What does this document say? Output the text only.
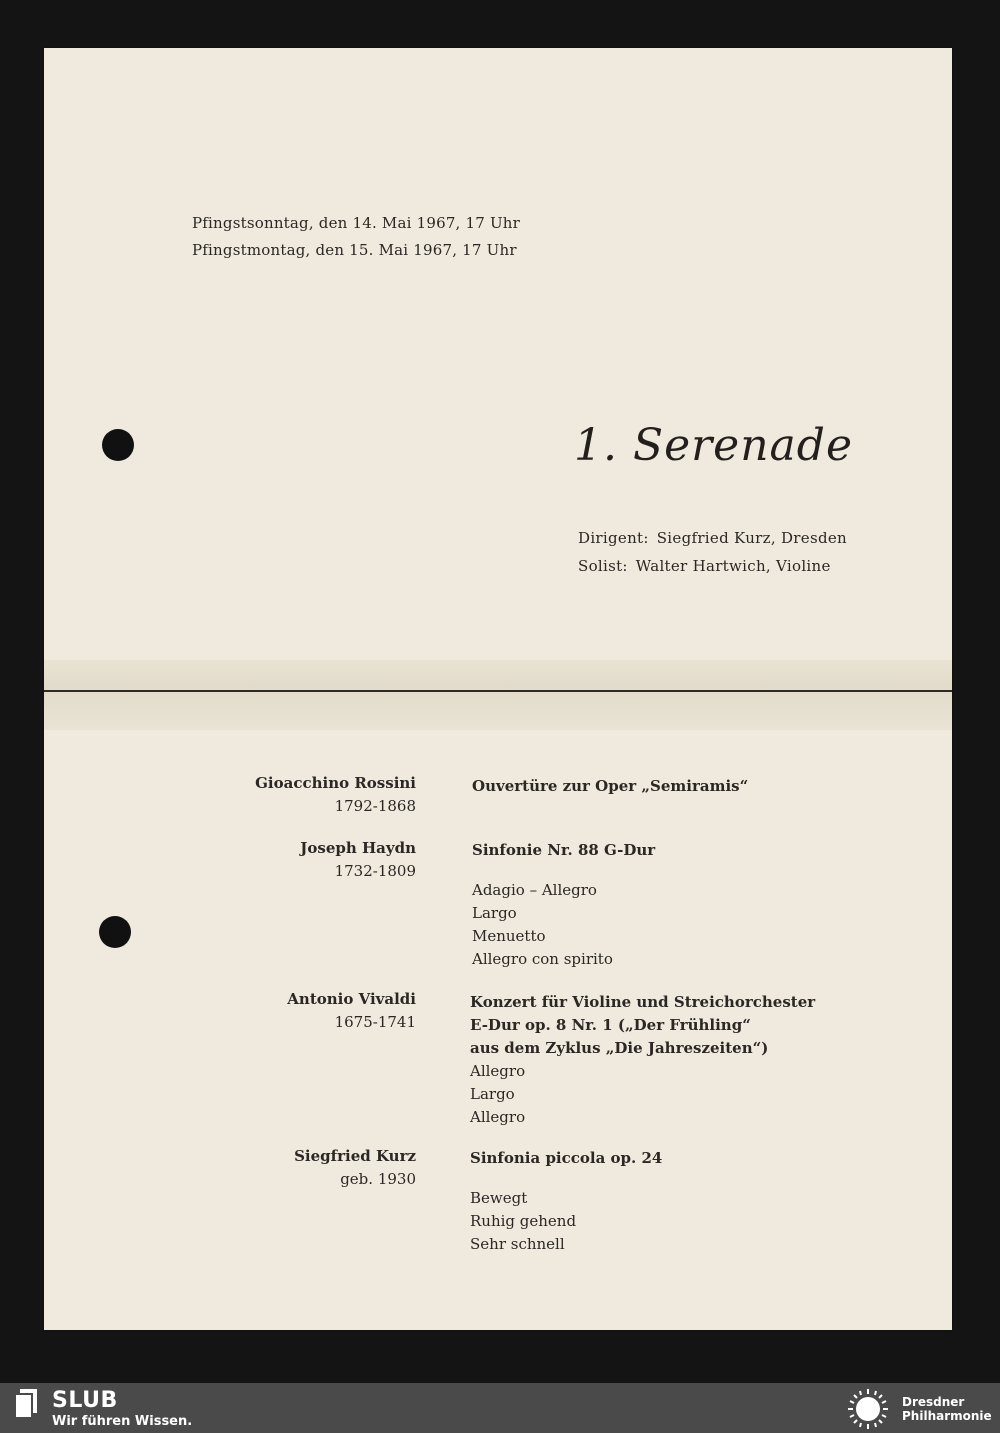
Pfingstsonntag, den 14. Mai 1967, 17 Uhr
Pfingstmontag, den 15. Mai 1967, 17 Uhr
1. Serenade
Dirigent: Siegfried Kurz, Dresden
Solist: Walter Hartwich, Violine
Gioacchino Rossini
1792-1868
Ouvertüre zur Oper „Semiramis“
Joseph Haydn
1732-1809
Sinfonie Nr. 88 G-Dur
Adagio – Allegro
Largo
Menuetto
Allegro con spirito
Antonio Vivaldi
1675-1741
Konzert für Violine und Streichorchester
E-Dur op. 8 Nr. 1 („Der Frühling“
aus dem Zyklus „Die Jahreszeiten“)
Allegro
Largo
Allegro
Siegfried Kurz
geb. 1930
Sinfonia piccola op. 24
Bewegt
Ruhig gehend
Sehr schnell
SLUB
Wir führen Wissen.
Dresdner
Philharmonie
